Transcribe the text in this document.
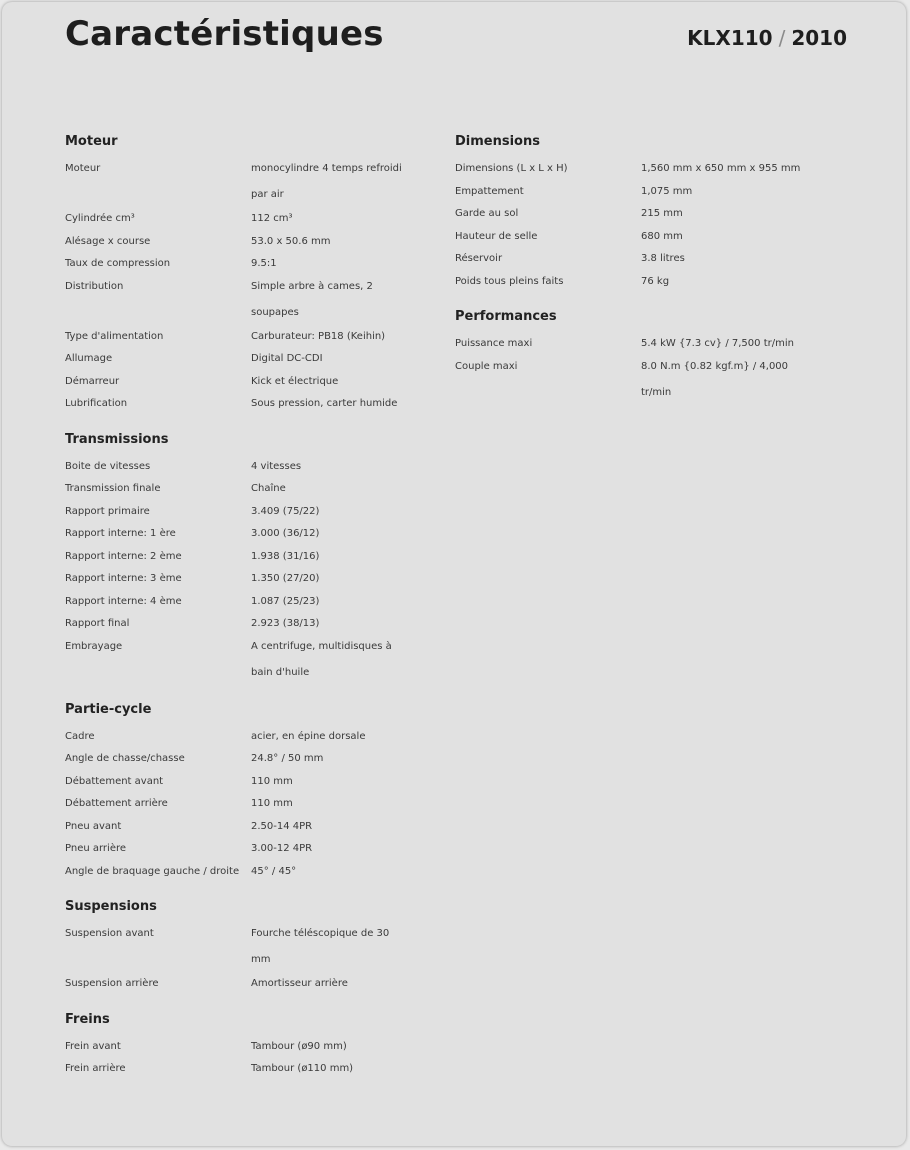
Caractéristiques	KLX110 / 2010
Moteur
Moteur	monocylindre 4 temps refroidi par air
Cylindrée cm³	112 cm³
Alésage x course	53.0 x 50.6 mm
Taux de compression	9.5:1
Distribution	Simple arbre à cames, 2 soupapes
Type d'alimentation	Carburateur: PB18 (Keihin)
Allumage	Digital DC-CDI
Démarreur	Kick et électrique
Lubrification	Sous pression, carter humide
Transmissions
Boite de vitesses	4 vitesses
Transmission finale	Chaîne
Rapport primaire	3.409 (75/22)
Rapport interne: 1 ère	3.000 (36/12)
Rapport interne: 2 ème	1.938 (31/16)
Rapport interne: 3 ème	1.350 (27/20)
Rapport interne: 4 ème	1.087 (25/23)
Rapport final	2.923 (38/13)
Embrayage	A centrifuge, multidisques à bain d'huile
Partie-cycle
Cadre	acier, en épine dorsale
Angle de chasse/chasse	24.8° / 50 mm
Débattement avant	110 mm
Débattement arrière	110 mm
Pneu avant	2.50-14 4PR
Pneu arrière	3.00-12 4PR
Angle de braquage gauche / droite	45° / 45°
Suspensions
Suspension avant	Fourche téléscopique de 30 mm
Suspension arrière	Amortisseur arrière
Freins
Frein avant	Tambour (ø90 mm)
Frein arrière	Tambour (ø110 mm)
Dimensions
Dimensions (L x L x H)	1,560 mm x 650 mm x 955 mm
Empattement	1,075 mm
Garde au sol	215 mm
Hauteur de selle	680 mm
Réservoir	3.8 litres
Poids tous pleins faits	76 kg
Performances
Puissance maxi	5.4 kW {7.3 cv} / 7,500 tr/min
Couple maxi	8.0 N.m {0.82 kgf.m} / 4,000 tr/min
